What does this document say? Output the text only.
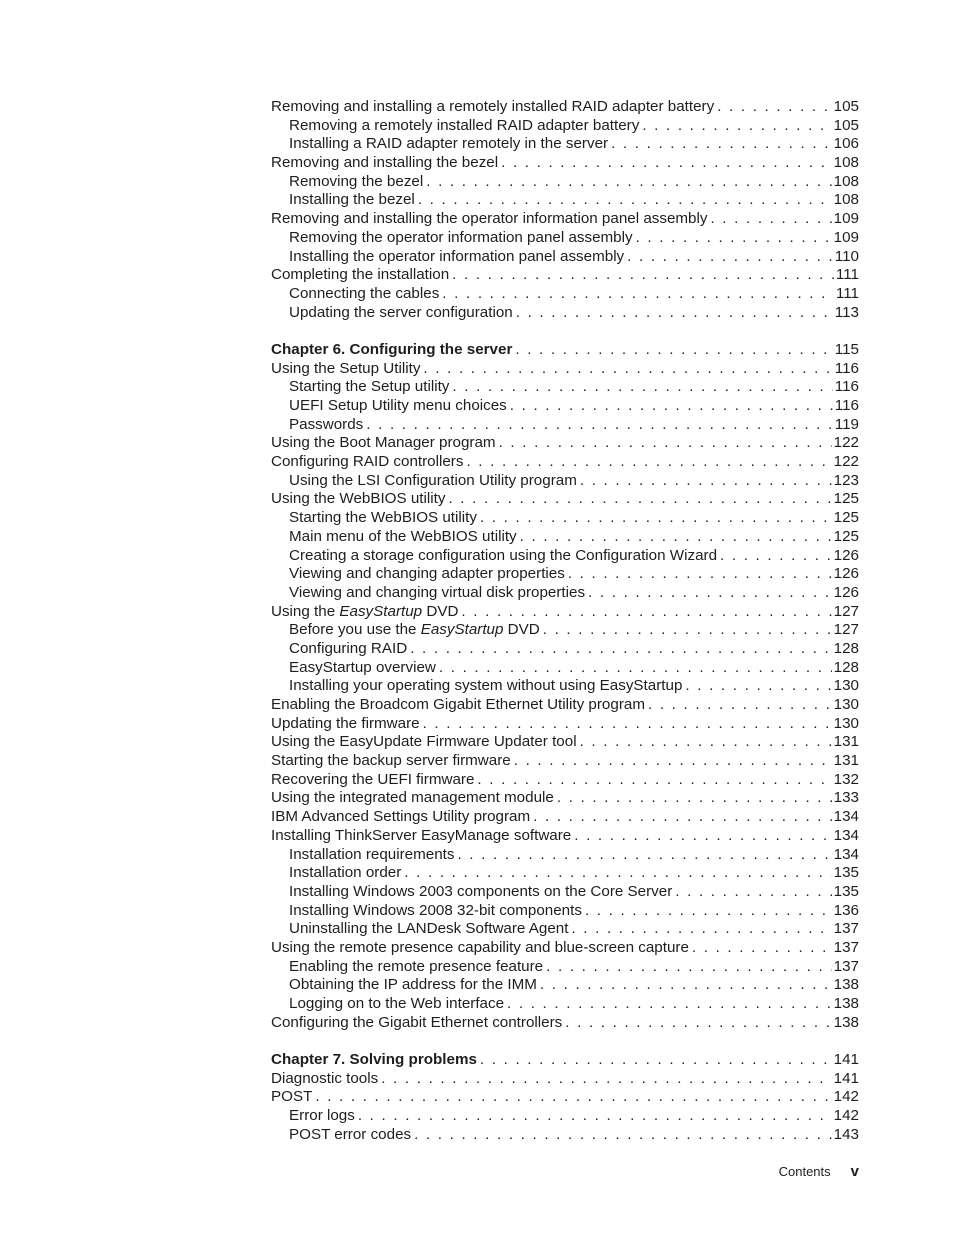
Removing and installing a remotely installed RAID adapter battery . . .	105
Removing a remotely installed RAID adapter battery . . .	105
Installing a RAID adapter remotely in the server . . .	106
Removing and installing the bezel . . .	108
Removing the bezel . . .	108
Installing the bezel . . .	108
Removing and installing the operator information panel assembly . . .	109
Removing the operator information panel assembly . . .	109
Installing the operator information panel assembly . . .	110
Completing the installation . . .	111
Connecting the cables . . .	111
Updating the server configuration . . .	113
Chapter 6. Configuring the server . . .	115
Using the Setup Utility . . .	116
Starting the Setup utility . . .	116
UEFI Setup Utility menu choices . . .	116
Passwords . . .	119
Using the Boot Manager program . . .	122
Configuring RAID controllers . . .	122
Using the LSI Configuration Utility program . . .	123
Using the WebBIOS utility . . .	125
Starting the WebBIOS utility . . .	125
Main menu of the WebBIOS utility . . .	125
Creating a storage configuration using the Configuration Wizard . . .	126
Viewing and changing adapter properties . . .	126
Viewing and changing virtual disk properties . . .	126
Using the EasyStartup DVD . . .	127
Before you use the EasyStartup DVD . . .	127
Configuring RAID . . .	128
EasyStartup overview . . .	128
Installing your operating system without using EasyStartup . . .	130
Enabling the Broadcom Gigabit Ethernet Utility program . . .	130
Updating the firmware . . .	130
Using the EasyUpdate Firmware Updater tool . . .	131
Starting the backup server firmware . . .	131
Recovering the UEFI firmware . . .	132
Using the integrated management module . . .	133
IBM Advanced Settings Utility program . . .	134
Installing ThinkServer EasyManage software . . .	134
Installation requirements . . .	134
Installation order . . .	135
Installing Windows 2003 components on the Core Server . . .	135
Installing Windows 2008 32-bit components . . .	136
Uninstalling the LANDesk Software Agent . . .	137
Using the remote presence capability and blue-screen capture . . .	137
Enabling the remote presence feature . . .	137
Obtaining the IP address for the IMM . . .	138
Logging on to the Web interface . . .	138
Configuring the Gigabit Ethernet controllers . . .	138
Chapter 7. Solving problems . . .	141
Diagnostic tools . . .	141
POST . . .	142
Error logs . . .	142
POST error codes . . .	143
Contents v
